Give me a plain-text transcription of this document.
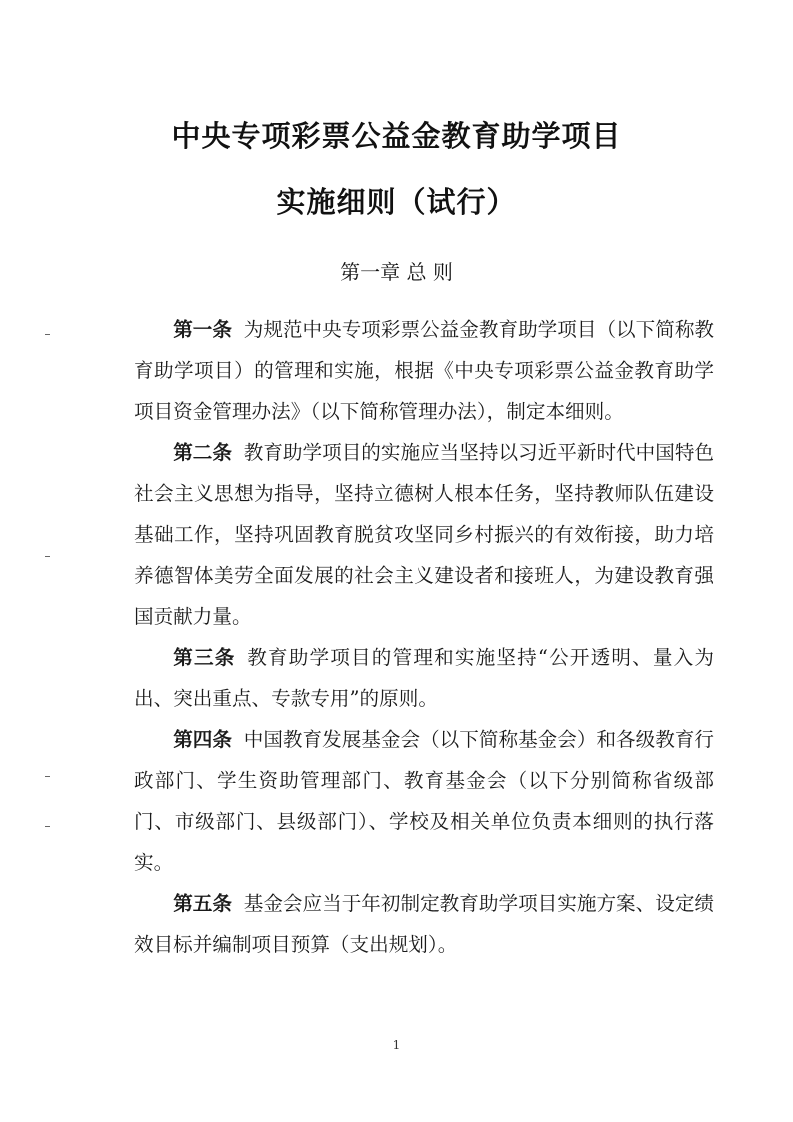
中央专项彩票公益金教育助学项目
实施细则（试行）
第一章 总 则

第一条 为规范中央专项彩票公益金教育助学项目（以下简称教育助学项目）的管理和实施，根据《中央专项彩票公益金教育助学项目资金管理办法》（以下简称管理办法），制定本细则。

第二条 教育助学项目的实施应当坚持以习近平新时代中国特色社会主义思想为指导，坚持立德树人根本任务，坚持教师队伍建设基础工作，坚持巩固教育脱贫攻坚同乡村振兴的有效衔接，助力培养德智体美劳全面发展的社会主义建设者和接班人，为建设教育强国贡献力量。

第三条 教育助学项目的管理和实施坚持“公开透明、量入为出、突出重点、专款专用”的原则。

第四条 中国教育发展基金会（以下简称基金会）和各级教育行政部门、学生资助管理部门、教育基金会（以下分别简称省级部门、市级部门、县级部门）、学校及相关单位负责本细则的执行落实。

第五条 基金会应当于年初制定教育助学项目实施方案、设定绩效目标并编制项目预算（支出规划）。

1
